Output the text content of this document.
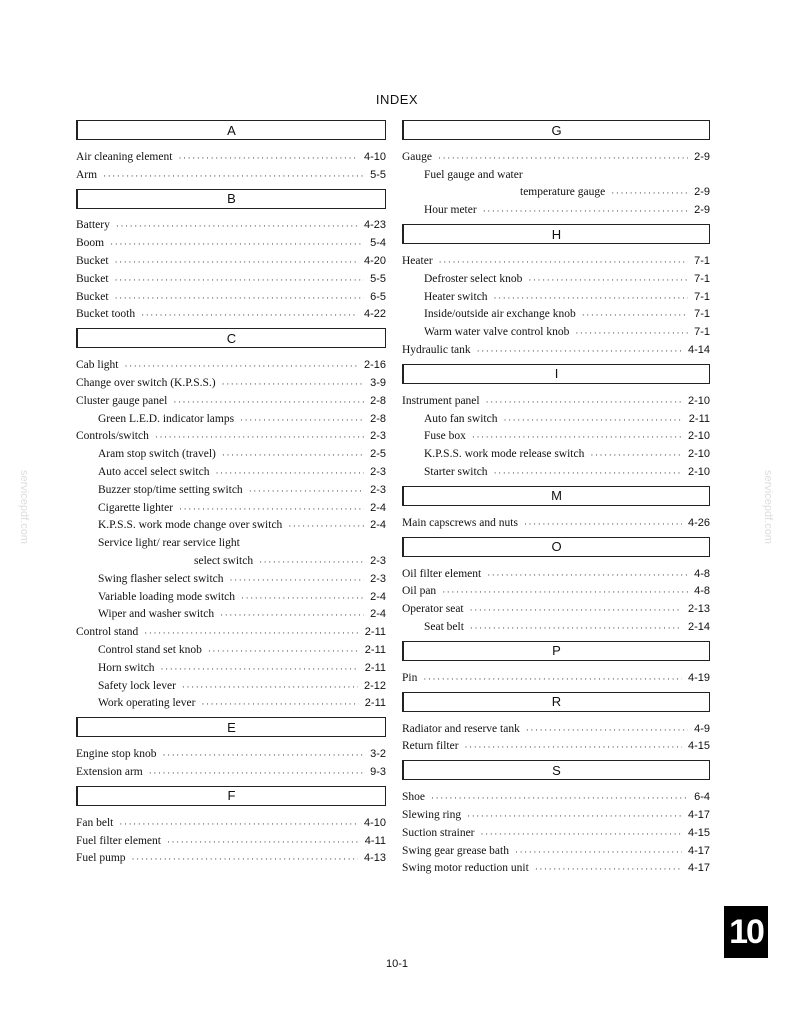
INDEX
A
Air cleaning element ·····	4-10
Arm ·····	5-5
B
Battery ·····	4-23
Boom ·····	5-4
Bucket ·····	4-20
Bucket ·····	5-5
Bucket ·····	6-5
Bucket tooth ·····	4-22
C
Cab light ·····	2-16
Change over switch (K.P.S.S.) ·····	3-9
Cluster gauge panel ·····	2-8
Green L.E.D. indicator lamps ·····	2-8
Controls/switch ·····	2-3
Aram stop switch (travel) ·····	2-5
Auto accel select switch ·····	2-3
Buzzer stop/time setting switch ·····	2-3
Cigarette lighter ·····	2-4
K.P.S.S. work mode change over switch ·····	2-4
Service light/ rear service light
select switch ·····	2-3
Swing flasher select switch ·····	2-3
Variable loading mode switch ·····	2-4
Wiper and washer switch ·····	2-4
Control stand ·····	2-11
Control stand set knob ·····	2-11
Horn switch ·····	2-11
Safety lock lever ·····	2-12
Work operating lever ·····	2-11
E
Engine stop knob ·····	3-2
Extension arm ·····	9-3
F
Fan belt ·····	4-10
Fuel filter element ·····	4-11
Fuel pump ·····	4-13
G
Gauge ·····	2-9
Fuel gauge and water
temperature gauge ·····	2-9
Hour meter ·····	2-9
H
Heater ·····	7-1
Defroster select knob ·····	7-1
Heater switch ·····	7-1
Inside/outside air exchange knob ·····	7-1
Warm water valve control knob ·····	7-1
Hydraulic tank ·····	4-14
I
Instrument panel ·····	2-10
Auto fan switch ·····	2-11
Fuse box ·····	2-10
K.P.S.S. work mode release switch ·····	2-10
Starter switch ·····	2-10
M
Main capscrews and nuts ·····	4-26
O
Oil filter element ·····	4-8
Oil pan ·····	4-8
Operator seat ·····	2-13
Seat belt ·····	2-14
P
Pin ·····	4-19
R
Radiator and reserve tank ·····	4-9
Return filter ·····	4-15
S
Shoe ·····	6-4
Slewing ring ·····	4-17
Suction strainer ·····	4-15
Swing gear grease bath ·····	4-17
Swing motor reduction unit ·····	4-17
10
10-1
servicepdf.com	servicepdf.com
